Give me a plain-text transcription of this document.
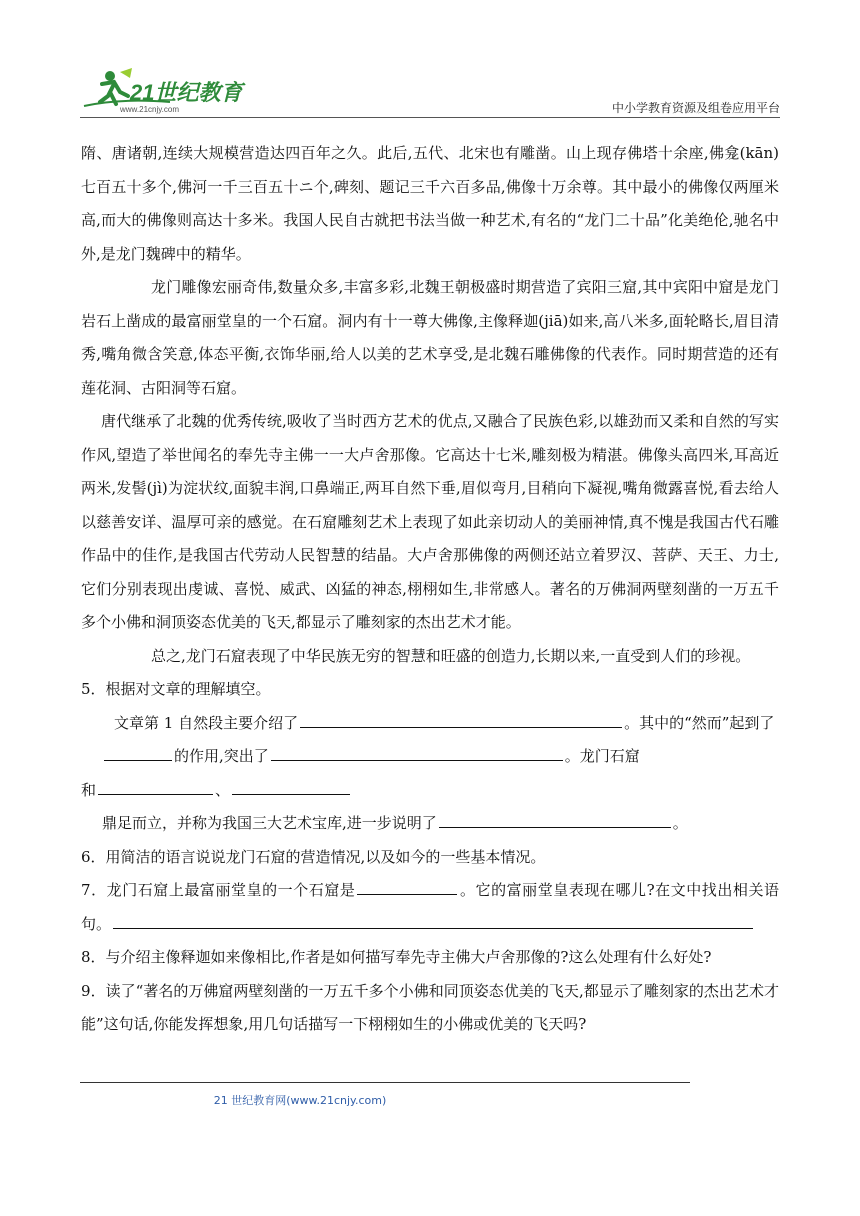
21世纪教育
www.21cnjy.com	中小学教育资源及组卷应用平台

隋、唐诸朝,连续大规模营造达四百年之久。此后,五代、北宋也有雕凿。山上现存佛塔十余座,佛龛(kān)七百五十多个,佛河一千三百五十ニ个,碑刻、题记三千六百多品,佛像十万余尊。其中最小的佛像仅两厘米高,而大的佛像则高达十多米。我国人民自古就把书法当做一种艺术,有名的“龙门二十品”化美绝伦,驰名中外,是龙门魏碑中的精华。

龙门雕像宏丽奇伟,数量众多,丰富多彩,北魏王朝极盛时期营造了宾阳三窟,其中宾阳中窟是龙门岩石上凿成的最富丽堂皇的一个石窟。洞内有十一尊大佛像,主像释迦(jiā)如来,高八米多,面轮略长,眉目清秀,嘴角微含笑意,体态平衡,衣饰华丽,给人以美的艺术享受,是北魏石雕佛像的代表作。同时期营造的还有莲花洞、古阳洞等石窟。

唐代继承了北魏的优秀传统,吸收了当时西方艺术的优点,又融合了民族色彩,以雄劲而又柔和自然的写实作风,望造了举世闻名的奉先寺主佛一一大卢舍那像。它高达十七米,雕刻极为精湛。佛像头高四米,耳高近两米,发髻(jì)为淀状纹,面貌丰润,口鼻端正,两耳自然下垂,眉似弯月,目稍向下凝视,嘴角微露喜悦,看去给人以慈善安详、温厚可亲的感觉。在石窟雕刻艺术上表现了如此亲切动人的美丽神情,真不愧是我国古代石雕作品中的佳作,是我国古代劳动人民智慧的结晶。大卢舍那佛像的两侧还站立着罗汉、菩萨、天王、力士,它们分别表现出虔诚、喜悦、威武、凶猛的神态,栩栩如生,非常感人。著名的万佛洞两壁刻凿的一万五千多个小佛和洞顶姿态优美的飞天,都显示了雕刻家的杰出艺术才能。

总之,龙门石窟表现了中华民族无穷的智慧和旺盛的创造力,长期以来,一直受到人们的珍视。

5．根据对文章的理解填空。

文章第 1 自然段主要介绍了	。其中的“然而”起到了

的作用,突出了	。龙门石窟

和	、

鼎足而立，并称为我国三大艺术宝库,进一步说明了	。

6．用简洁的语言说说龙门石窟的营造情况,以及如今的一些基本情况。

7．龙门石窟上最富丽堂皇的一个石窟是	。它的富丽堂皇表现在哪儿?在文中找出相关语句。

8．与介绍主像释迦如来像相比,作者是如何描写奉先寺主佛大卢舍那像的?这么处理有什么好处?

9．读了“著名的万佛窟两壁刻凿的一万五千多个小佛和同顶姿态优美的飞天,都显示了雕刻家的杰出艺术才能”这句话,你能发挥想象,用几句话描写一下栩栩如生的小佛或优美的飞天吗?

21 世纪教育网(www.21cnjy.com)
